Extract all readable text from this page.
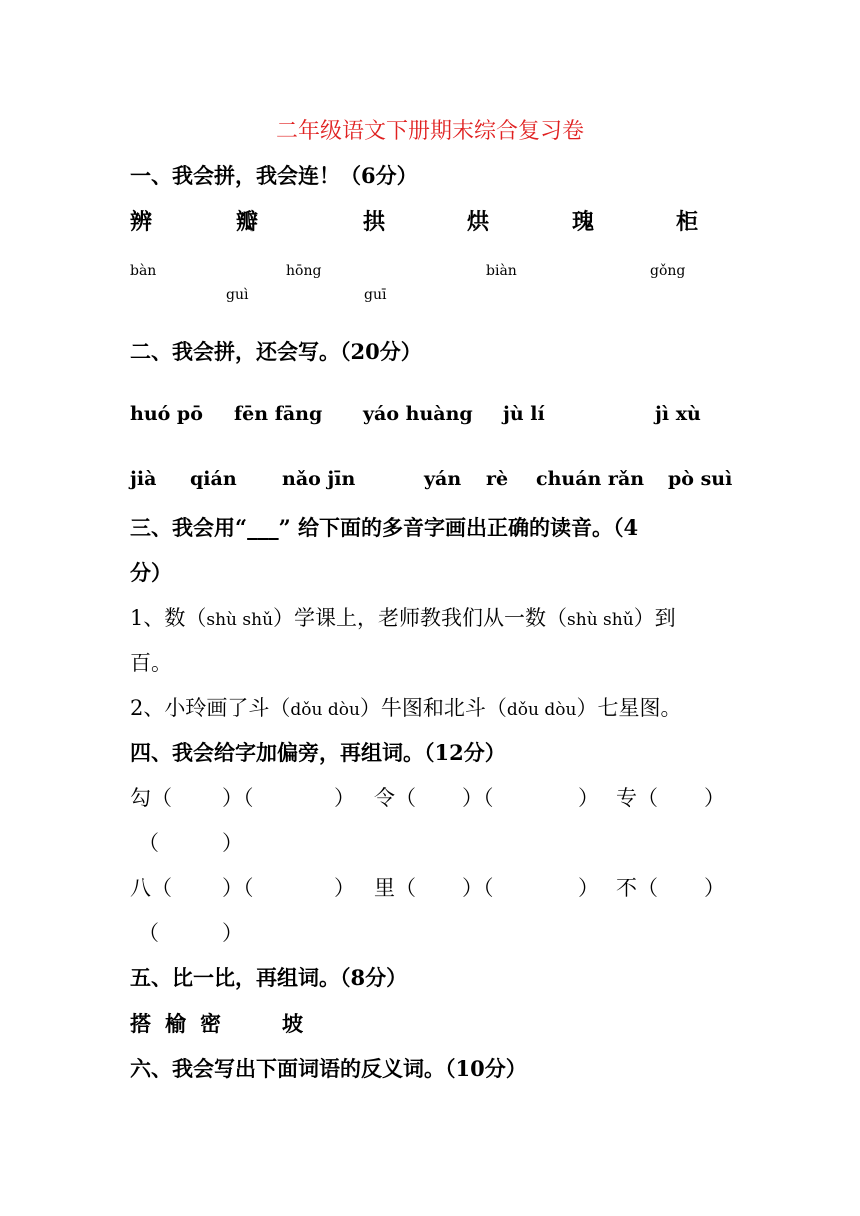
二年级语文下册期末综合复习卷
一、我会拼，我会连！（6分）
辨	瓣	拱	烘	瑰	柜
bàn	hōng	biàn	gǒng
guì	guī
二、我会拼，还会写。（20分）
huó pō fēn fāng yáo huàng jù lí	jì xù
jià qián nǎo jīn	yán rè chuán rǎn pò suì
三、我会用“___” 给下面的多音字画出正确的读音。（4
分）
1、数（shù shǔ）学课上，老师教我们从一数（shù shǔ）到
百。
2、小玲画了斗（dǒu dòu）牛图和北斗（dǒu dòu）七星图。
四、我会给字加偏旁，再组词。（12分）
勾（ ）（	） 令（ ）（	） 专（ ）
（	）
八（ ）（	） 里（ ）（	） 不（ ）
（	）
五、比一比，再组词。（8分）
搭 榆 密	坡
六、我会写出下面词语的反义词。（10分）
